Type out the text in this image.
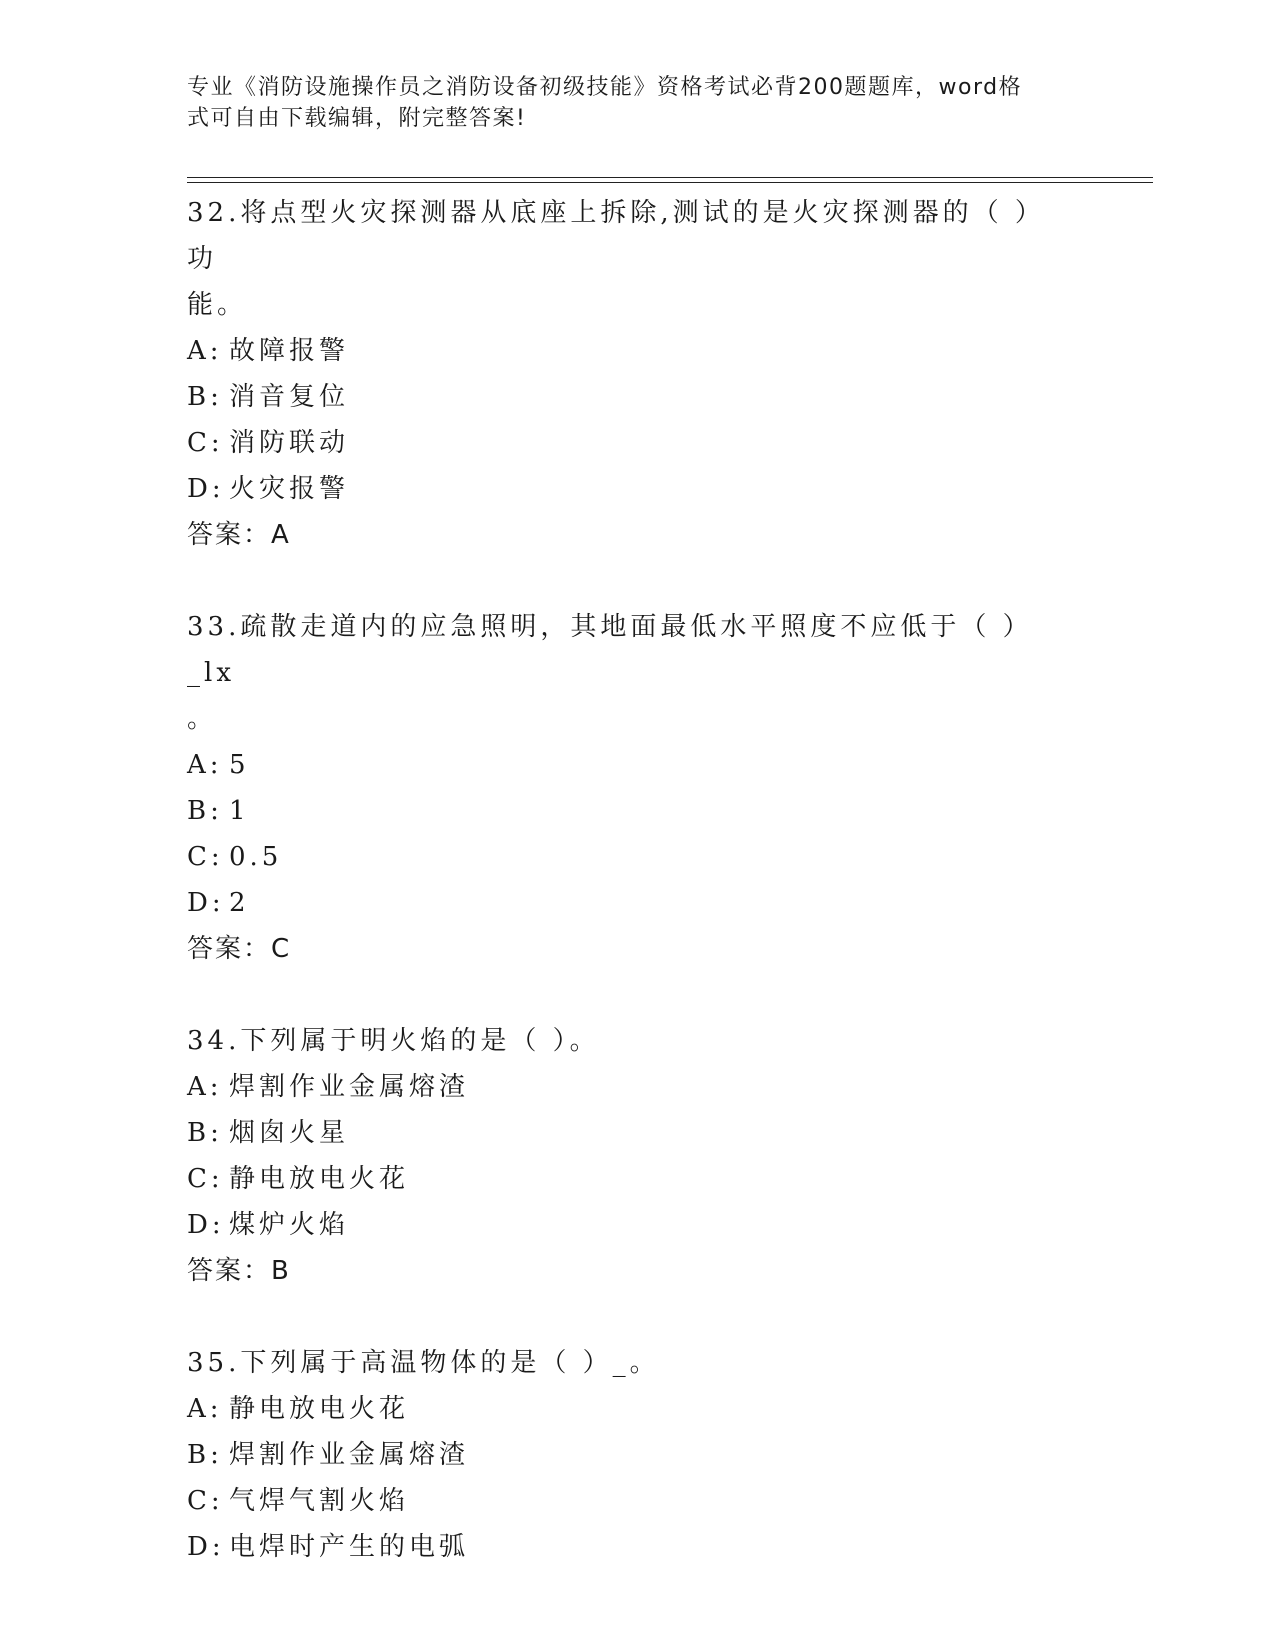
专业《消防设施操作员之消防设备初级技能》资格考试必背200题题库，word格
式可自由下载编辑，附完整答案!
32.将点型火灾探测器从底座上拆除,测试的是火灾探测器的（ ）功
能。
A: 故障报警
B: 消音复位
C: 消防联动
D: 火灾报警
答案：A
33.疏散走道内的应急照明，其地面最低水平照度不应低于（ ）_lx
。
A: 5
B: 1
C: 0.5
D: 2
答案：C
34.下列属于明火焰的是（ ）。
A: 焊割作业金属熔渣
B: 烟囱火星
C: 静电放电火花
D: 煤炉火焰
答案：B
35.下列属于高温物体的是（ ）_。
A: 静电放电火花
B: 焊割作业金属熔渣
C: 气焊气割火焰
D: 电焊时产生的电弧
